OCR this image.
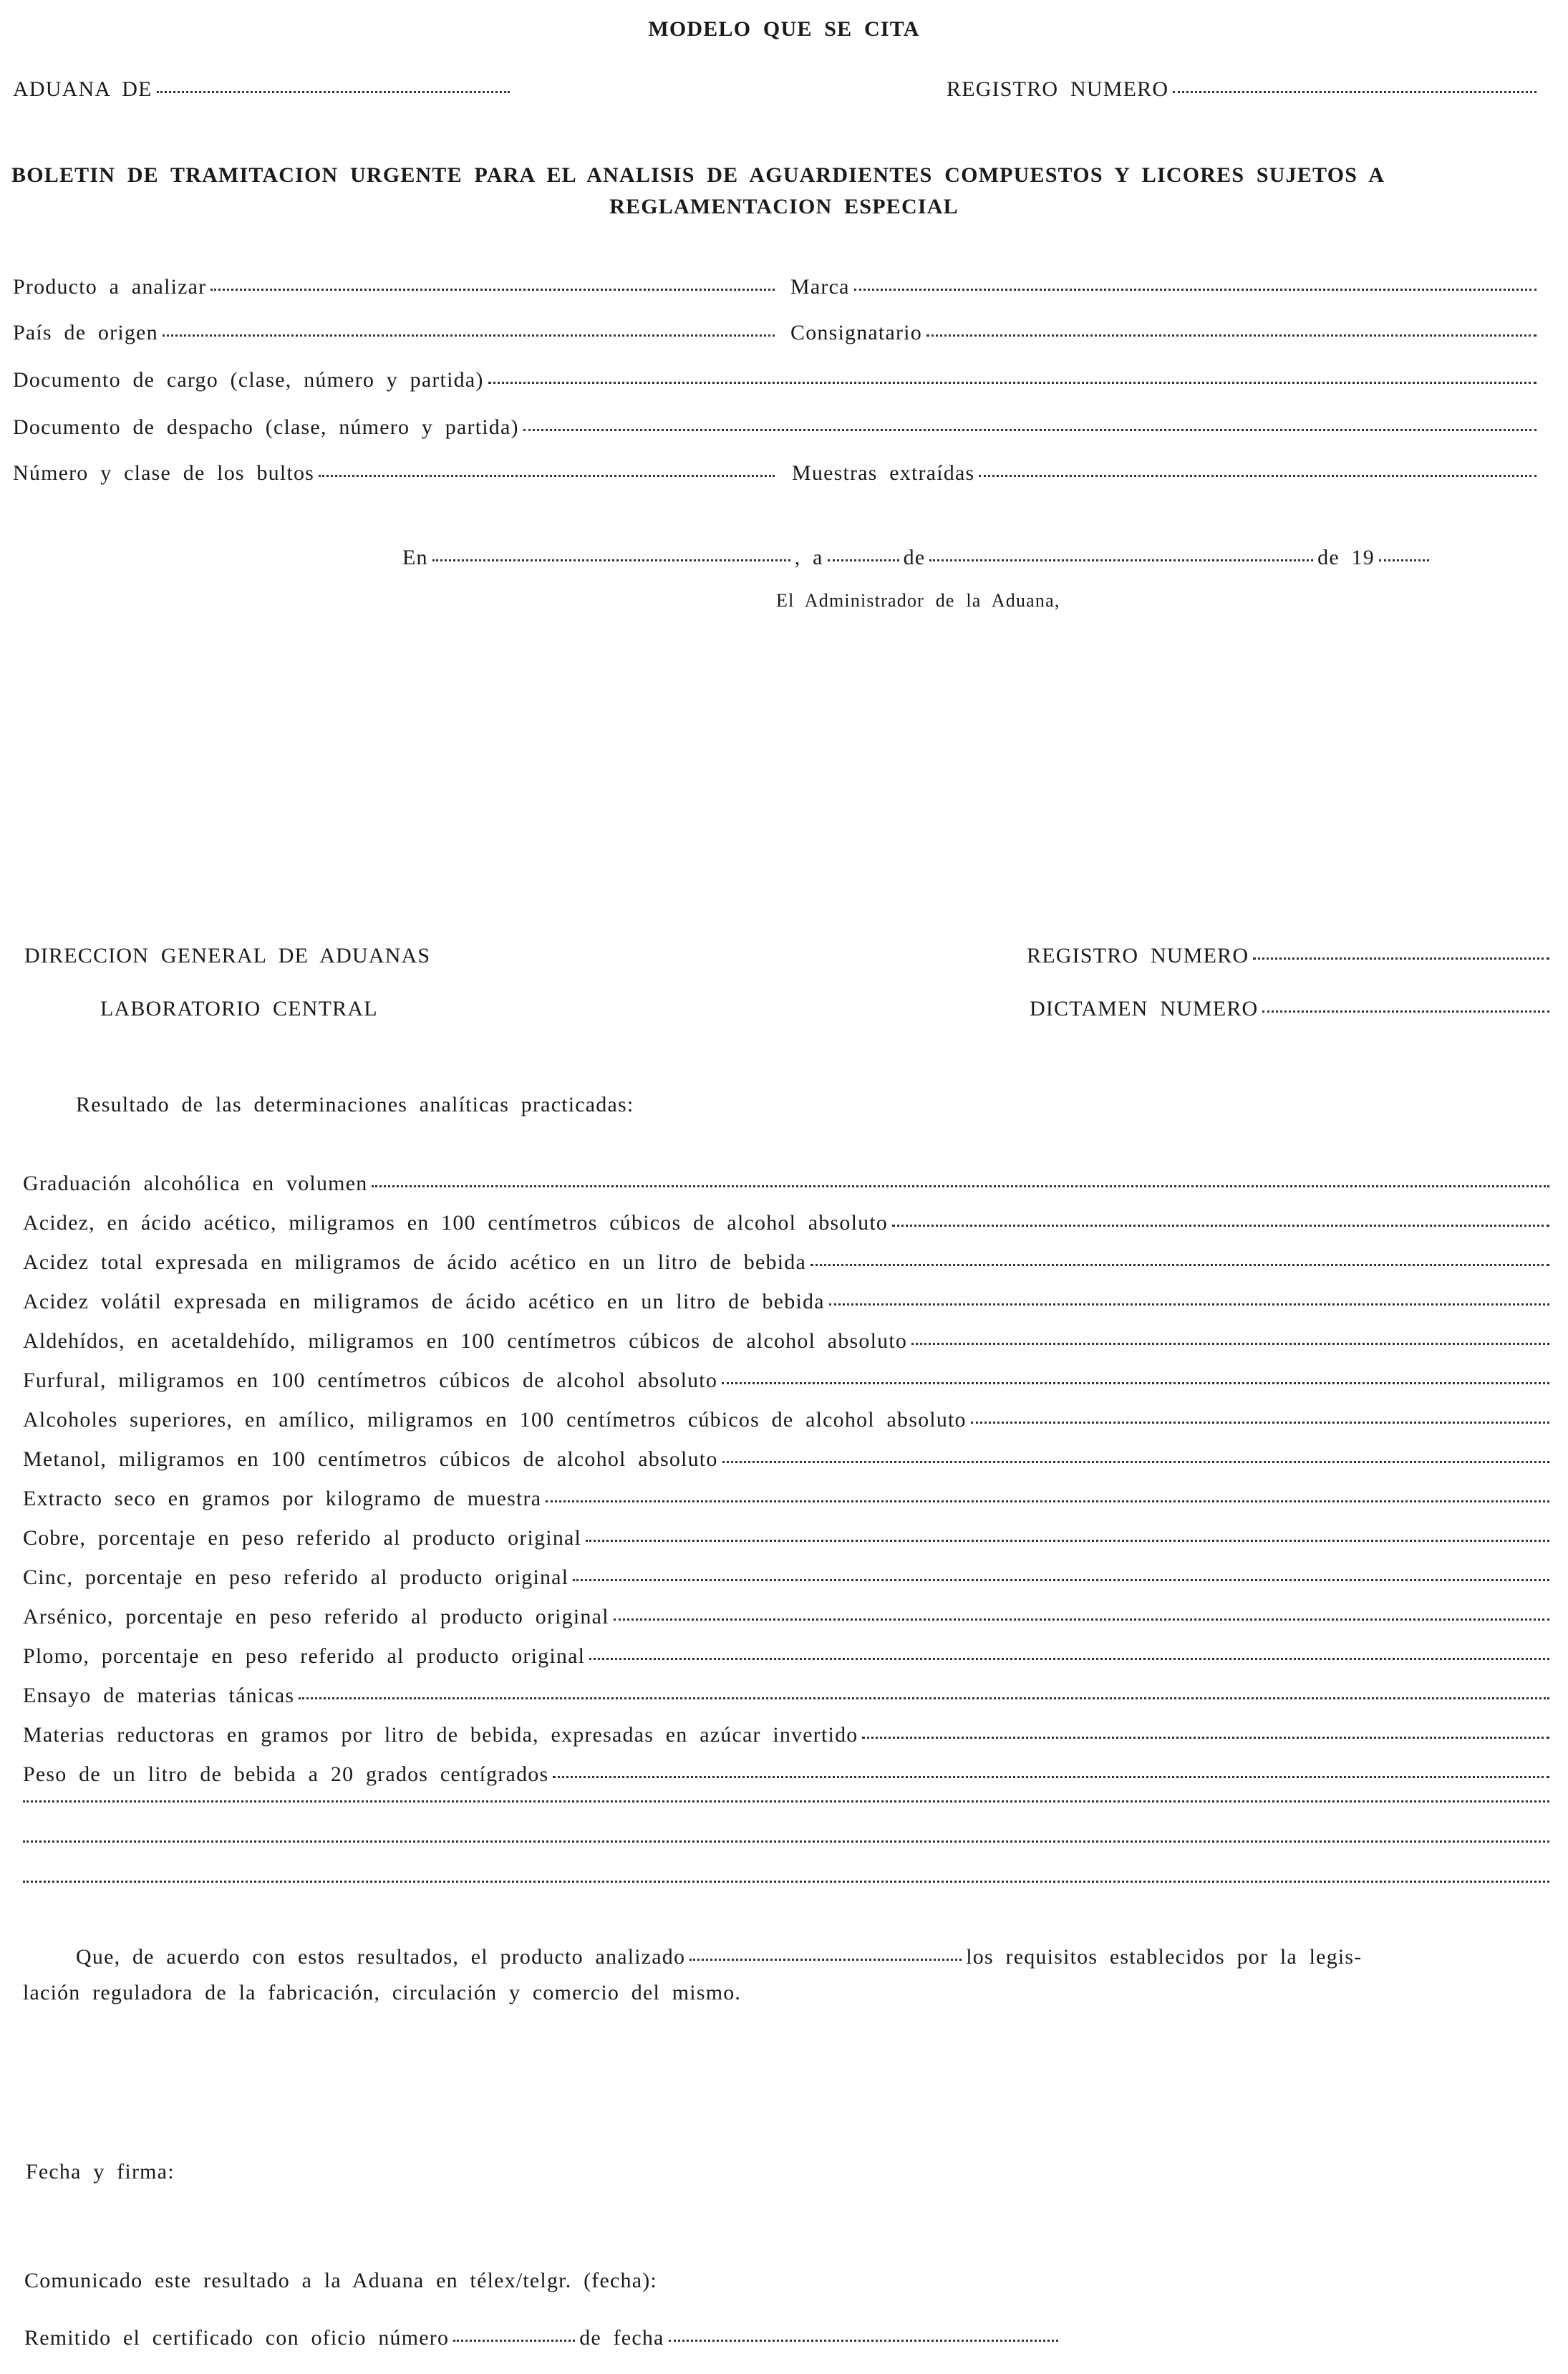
MODELO QUE SE CITA
ADUANA DE	REGISTRO NUMERO
BOLETIN DE TRAMITACION URGENTE PARA EL ANALISIS DE AGUARDIENTES COMPUESTOS Y LICORES SUJETOS A
REGLAMENTACION ESPECIAL
Producto a analizar	Marca
País de origen	Consignatario
Documento de cargo (clase, número y partida)
Documento de despacho (clase, número y partida)
Número y clase de los bultos	Muestras extraídas
En	, a	de	de 19
El Administrador de la Aduana,
DIRECCION GENERAL DE ADUANAS
LABORATORIO CENTRAL
REGISTRO NUMERO
DICTAMEN NUMERO
Resultado de las determinaciones analíticas practicadas:
Graduación alcohólica en volumen
Acidez, en ácido acético, miligramos en 100 centímetros cúbicos de alcohol absoluto
Acidez total expresada en miligramos de ácido acético en un litro de bebida
Acidez volátil expresada en miligramos de ácido acético en un litro de bebida
Aldehídos, en acetaldehído, miligramos en 100 centímetros cúbicos de alcohol absoluto
Furfural, miligramos en 100 centímetros cúbicos de alcohol absoluto
Alcoholes superiores, en amílico, miligramos en 100 centímetros cúbicos de alcohol absoluto
Metanol, miligramos en 100 centímetros cúbicos de alcohol absoluto
Extracto seco en gramos por kilogramo de muestra
Cobre, porcentaje en peso referido al producto original
Cinc, porcentaje en peso referido al producto original
Arsénico, porcentaje en peso referido al producto original
Plomo, porcentaje en peso referido al producto original
Ensayo de materias tánicas
Materias reductoras en gramos por litro de bebida, expresadas en azúcar invertido
Peso de un litro de bebida a 20 grados centígrados
Que, de acuerdo con estos resultados, el producto analizado	los requisitos establecidos por la legis-
lación reguladora de la fabricación, circulación y comercio del mismo.
Fecha y firma:
Comunicado este resultado a la Aduana en télex/telgr. (fecha):
Remitido el certificado con oficio número	de fecha
